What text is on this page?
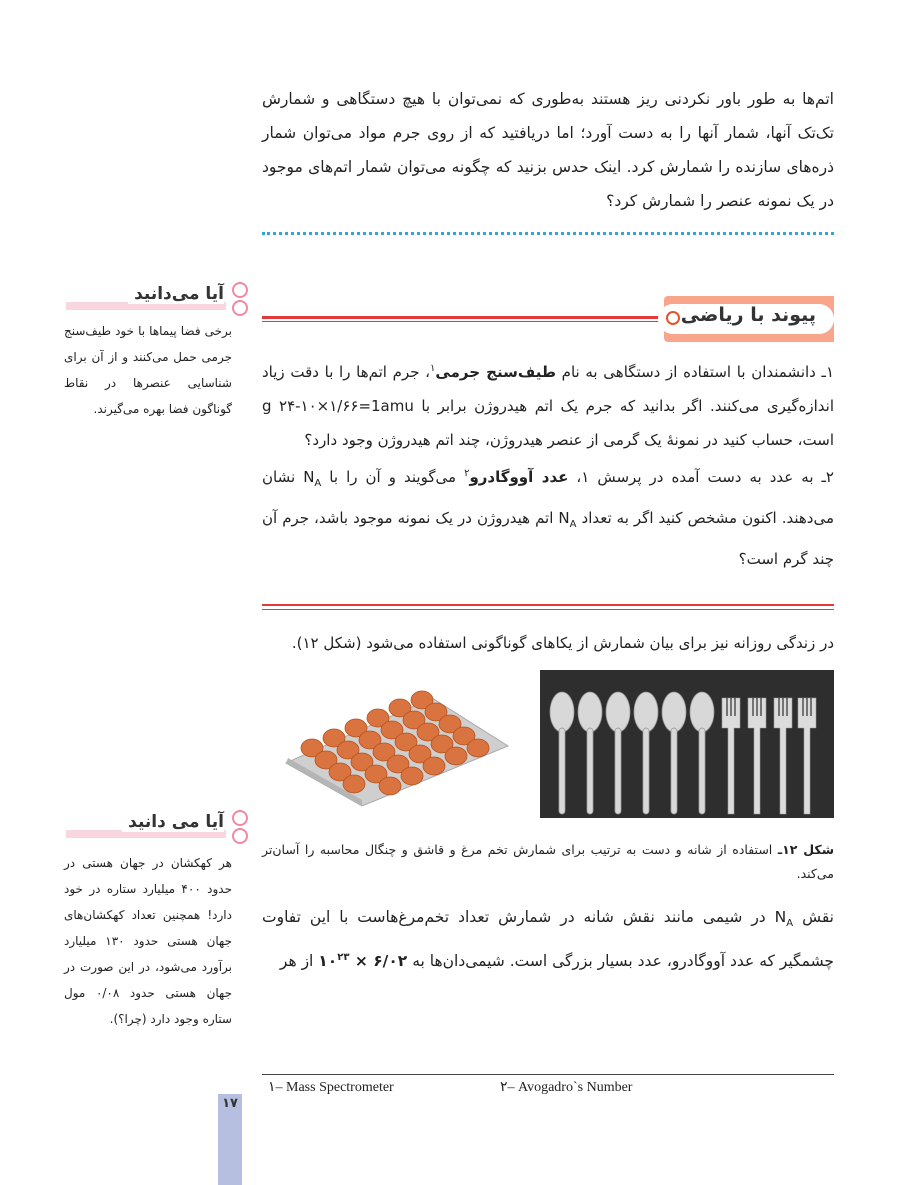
اتم‌ها به طور باور نکردنی ریز هستند به‌طوری که نمی‌توان با هیچ دستگاهی و شمارش تک‌تک آنها، شمار آنها را به دست آورد؛ اما دریافتید که از روی جرم مواد می‌توان شمار ذره‌های سازنده را شمارش کرد. اینک حدس بزنید که چگونه می‌توان شمار اتم‌های موجود در یک نمونه عنصر را شمارش کرد؟
آیا می‌دانید
برخی فضا پیماها با خود طیف‌سنج جرمی حمل می‌کنند و از آن برای شناسایی عنصرها در نقاط گوناگون فضا بهره می‌گیرند.
پیوند با ریاضی

۱ـ دانشمندان با استفاده از دستگاهی به نام طیف‌سنج جرمی$^۱$، جرم اتم‌ها را با دقت زیاد اندازه‌گیری می‌کنند. اگر بدانید که جرم یک اتم هیدروژن برابر با g ۲۴-۱۰×۱/۶۶=1amu است، حساب کنید در نمونهٔ یک گرمی از عنصر هیدروژن، چند اتم هیدروژن وجود دارد؟

۲ـ به عدد به دست آمده در پرسش ۱، عدد آووگادرو$^۲$ می‌گویند و آن را با $N_A$ نشان می‌دهند. اکنون مشخص کنید اگر به تعداد $N_A$ اتم هیدروژن در یک نمونه موجود باشد، جرم آن چند گرم است؟

در زندگی روزانه نیز برای بیان شمارش از یکاهای گوناگونی استفاده می‌شود (شکل ۱۲).
شکل ۱۲ـ استفاده از شانه و دست به ترتیب برای شمارش تخم مرغ و قاشق و چنگال محاسبه را آسان‌تر می‌کند.
نقش $N_A$ در شیمی مانند نقش شانه در شمارش تعداد تخم‌مرغ‌هاست با این تفاوت چشمگیر که عدد آووگادرو، عدد بسیار بزرگی است. شیمی‌دان‌ها به ۶/۰۲ × $۱۰^{۲۳}$ از هر
آیا می دانید
هر کهکشان در جهان هستی در حدود ۴۰۰ میلیارد ستاره در خود دارد! همچنین تعداد کهکشان‌های جهان هستی حدود ۱۳۰ میلیارد برآورد می‌شود، در این صورت در جهان هستی حدود ۰/۰۸ مول ستاره وجود دارد (چرا؟).
۱– Mass Spectrometer	۲– Avogadro`s Number
۱۷
